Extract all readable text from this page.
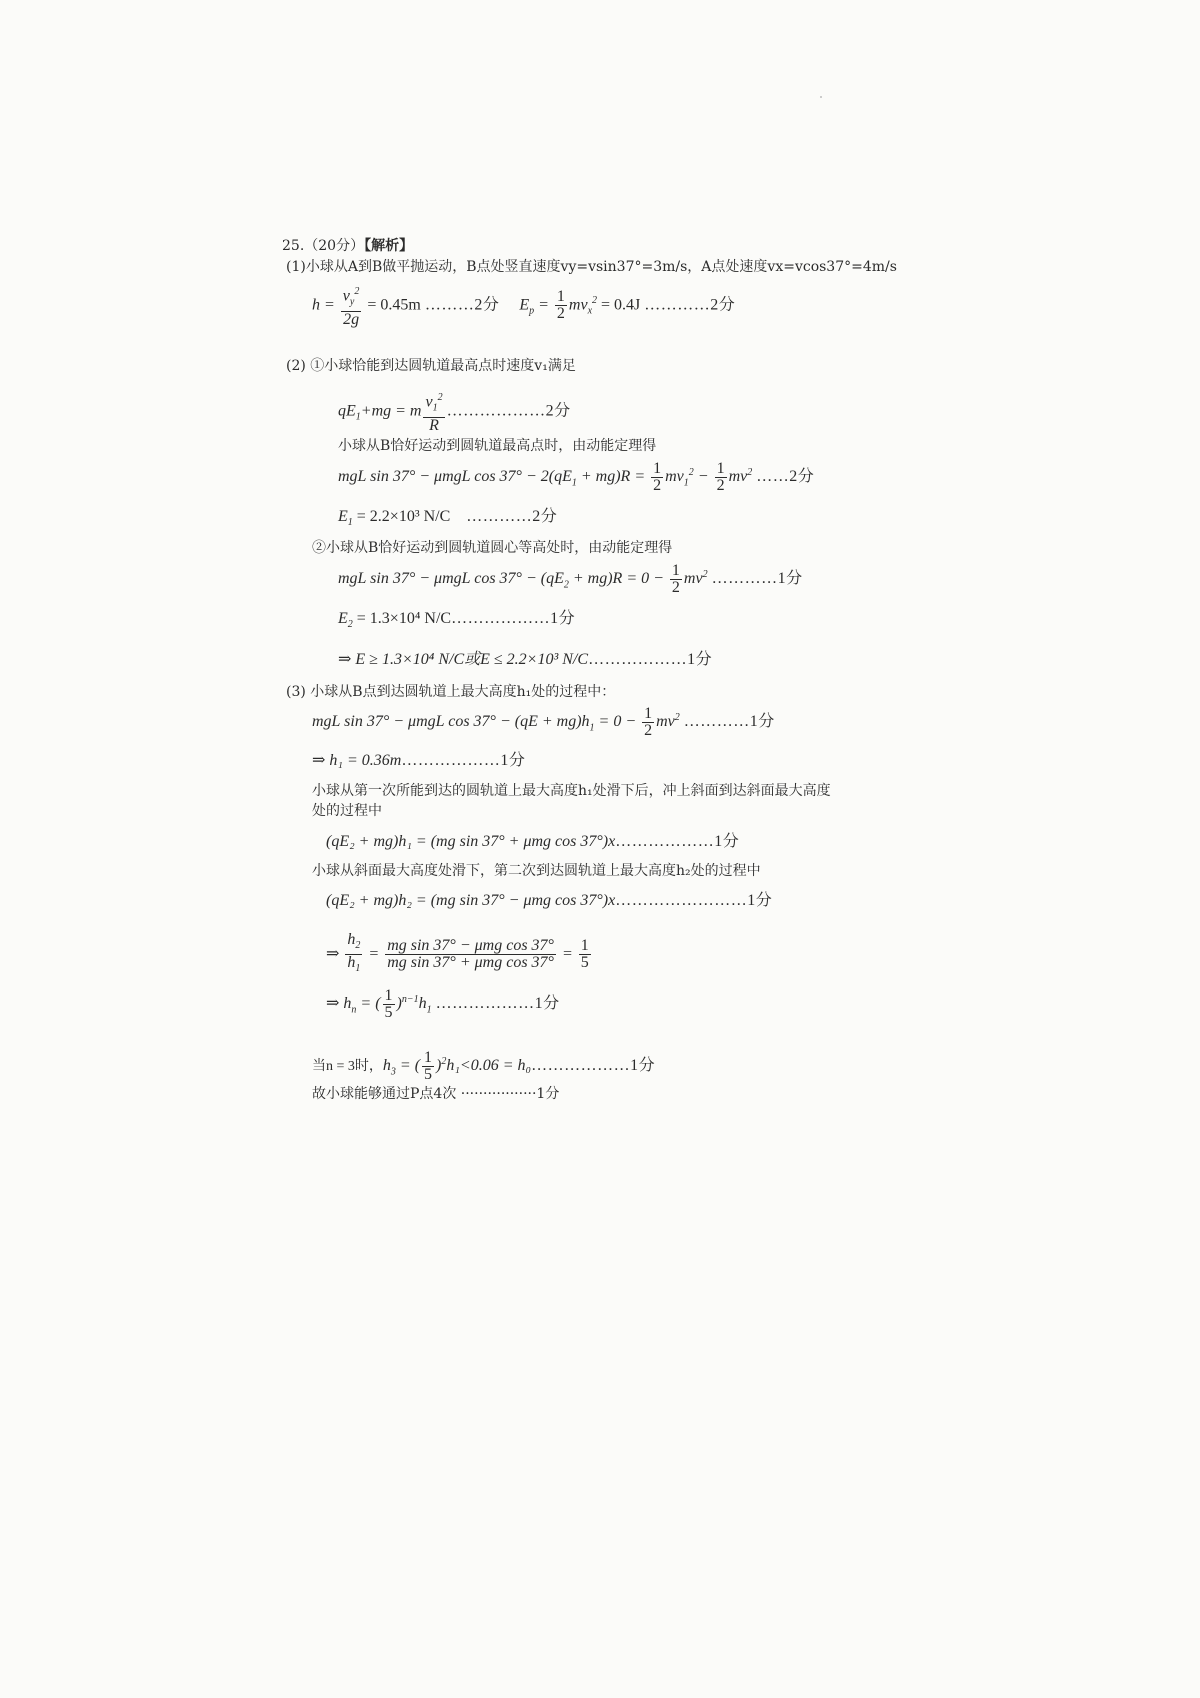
25.（20分）【解析】
(1)小球从A到B做平抛运动，B点处竖直速度vy=vsin37°=3m/s，A点处速度vx=vcos37°=4m/s
$h = \frac{v_y^2}{2g} = 0.45m$ ………2分     $E_p = \frac{1}{2} mv_x^2 = 0.4J$ …………2分
(2) ①小球恰能到达圆轨道最高点时速度v₁满足
$qE_1+mg = m \frac{v_1^2}{R}$ ………………2分
小球从B恰好运动到圆轨道最高点时，由动能定理得
mgL sin 37° − μmgL $\cos 37^\circ - 2(qE_1 + mg)R = \frac{1}{2} mv_1^2 - \frac{1}{2} mv^2$ ……2分
$E_1 = 2.2\times 10^3$ N/C …………2分
②小球从B恰好运动到圆轨道圆心等高处时，由动能定理得
mgL sin 37° − μmgL $\cos 37^\circ - (qE_2 + mg)R = 0 - \frac{1}{2} mv^2$ …………1分
$E_2 = 1.3\times 10^4$ N/C………………1分
⇒ E ≥ 1.3×10⁴ N/C或E ≤ 2.2×10³ N/C………………1分
(3) 小球从B点到达圆轨道上最大高度h₁处的过程中：
mgL sin 37° − μmgL $\cos 37^\circ - (qE + mg)h_1 = 0 - \frac{1}{2} mv^2$ …………1分
⇒ h₁ = 0.36m………………1分
小球从第一次所能到达的圆轨道上最大高度h₁处滑下后，冲上斜面到达斜面最大高度
处的过程中
(qE₂ + mg)h₁ = (mg sin 37° + μmg cos 37°)x………………1分
小球从斜面最大高度处滑下，第二次到达圆轨道上最大高度h₂处的过程中
(qE₂ + mg)h₂ = (mg sin 37° − μmg cos 37°)x……………………1分
⇒ $\frac{h_2}{h_1} = \frac{\text{mg sin 37° − μmg cos 37°}}{\text{mg sin 37° + μmg cos 37°}} = \frac{1}{5}$
⇒ $h_n$ = ( $\frac{1}{5} )^{n-1}h_1$ ………………1分
当n = 3时，$h_3$ = ( $\frac{1}{5} )^2h_1<0.06$ = h₀………………1分
故小球能够通过P点4次 ·················1分
